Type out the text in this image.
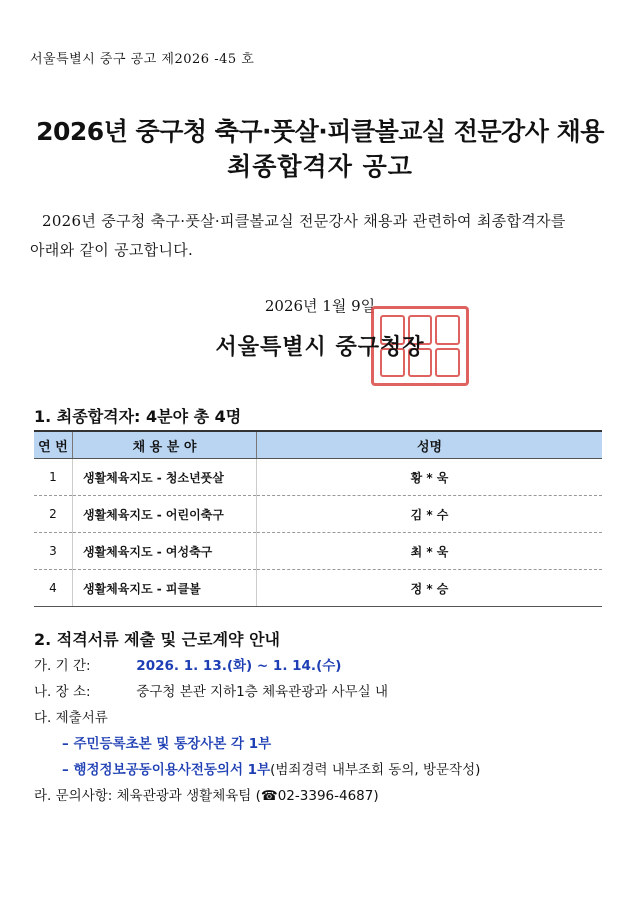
서울특별시 중구 공고 제2026 -45 호
2026년 중구청 축구·풋살·피클볼교실 전문강사 채용
최종합격자 공고
2026년 중구청 축구·풋살·피클볼교실 전문강사 채용과 관련하여 최종합격자를
아래와 같이 공고합니다.
2026년 1월 9일
서울특별시 중구청장
1. 최종합격자: 4분야 총 4명
연 번	채 용 분 야	성명
1	생활체육지도 - 청소년풋살	황 * 욱
2	생활체육지도 - 어린이축구	김 * 수
3	생활체육지도 - 여성축구	최 * 욱
4	생활체육지도 - 피클볼	정 * 승
2. 적격서류 제출 및 근로계약 안내
가. 기 간:	2026. 1. 13.(화) ~ 1. 14.(수)
나. 장 소:	중구청 본관 지하1층 체육관광과 사무실 내
다. 제출서류
– 주민등록초본 및 통장사본 각 1부
– 행정정보공동이용사전동의서 1부(범죄경력 내부조회 동의, 방문작성)
라. 문의사항: 체육관광과 생활체육팀 (☎02-3396-4687)
